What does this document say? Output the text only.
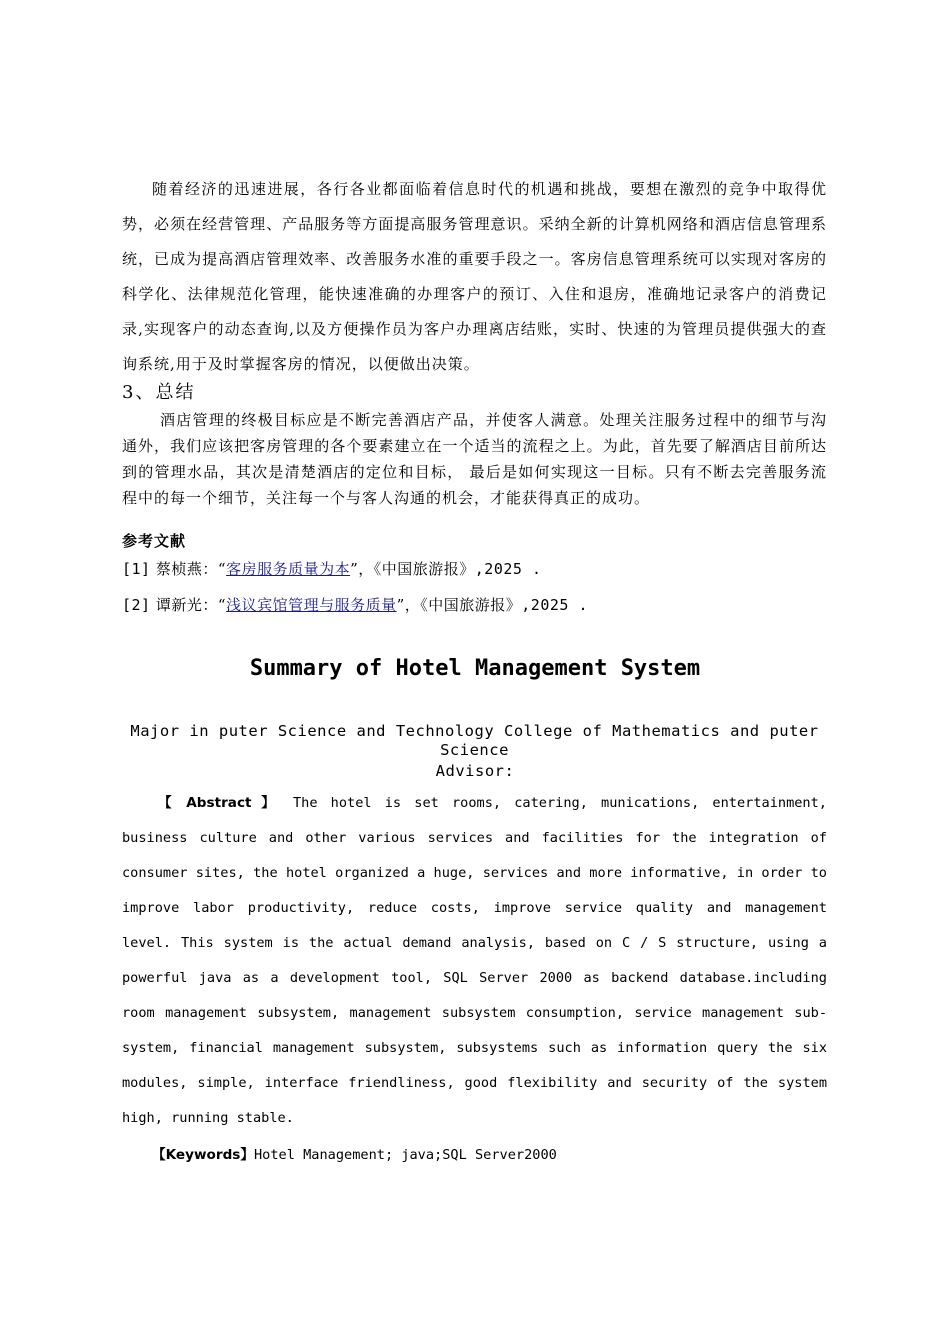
随着经济的迅速进展，各行各业都面临着信息时代的机遇和挑战，要想在激烈的竞争中取得优势，必须在经营管理、产品服务等方面提高服务管理意识。采纳全新的计算机网络和酒店信息管理系统，已成为提高酒店管理效率、改善服务水准的重要手段之一。客房信息管理系统可以实现对客房的科学化、法律规范化管理，能快速准确的办理客户的预订、入住和退房，准确地记录客户的消费记录,实现客户的动态查询,以及方便操作员为客户办理离店结账，实时、快速的为管理员提供强大的查询系统,用于及时掌握客房的情况，以便做出决策。

3、总结

酒店管理的终极目标应是不断完善酒店产品，并使客人满意。处理关注服务过程中的细节与沟通外，我们应该把客房管理的各个要素建立在一个适当的流程之上。为此，首先要了解酒店目前所达到的管理水品，其次是清楚酒店的定位和目标， 最后是如何实现这一目标。只有不断去完善服务流程中的每一个细节，关注每一个与客人沟通的机会，才能获得真正的成功。

参考文献
[1] 蔡桢燕：“客房服务质量为本”，《中国旅游报》,2025 .
[2] 谭新光：“浅议宾馆管理与服务质量”，《中国旅游报》,2025 .
Summary of Hotel Management System
Major in puter Science and Technology College of Mathematics and puter Science
Advisor:

【 Abstract 】 The hotel is set rooms, catering, munications, entertainment, business culture and other various services and facilities for the integration of consumer sites, the hotel organized a huge, services and more informative, in order to improve labor productivity, reduce costs, improve service quality and management level. This system is the actual demand analysis, based on C / S structure, using a powerful java as a development tool, SQL Server 2000 as backend database.including room management subsystem, management subsystem consumption, service management sub-system, financial management subsystem, subsystems such as information query the six modules, simple, interface friendliness, good flexibility and security of the system high, running stable.

【Keywords】Hotel Management; java;SQL Server2000
